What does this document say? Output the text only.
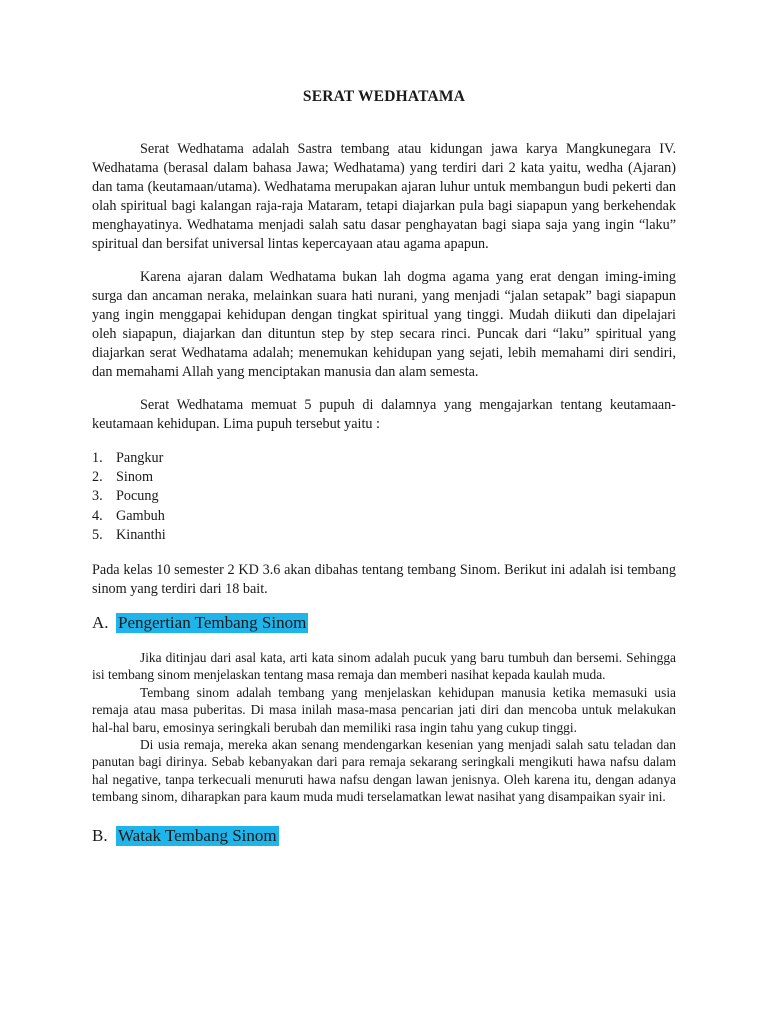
SERAT WEDHATAMA

Serat Wedhatama adalah Sastra tembang atau kidungan jawa karya Mangkunegara IV. Wedhatama (berasal dalam bahasa Jawa; Wedhatama) yang terdiri dari 2 kata yaitu, wedha (Ajaran) dan tama (keutamaan/utama). Wedhatama merupakan ajaran luhur untuk membangun budi pekerti dan olah spiritual bagi kalangan raja-raja Mataram, tetapi diajarkan pula bagi siapapun yang berkehendak menghayatinya. Wedhatama menjadi salah satu dasar penghayatan bagi siapa saja yang ingin “laku” spiritual dan bersifat universal lintas kepercayaan atau agama apapun.

Karena ajaran dalam Wedhatama bukan lah dogma agama yang erat dengan iming-iming surga dan ancaman neraka, melainkan suara hati nurani, yang menjadi “jalan setapak” bagi siapapun yang ingin menggapai kehidupan dengan tingkat spiritual yang tinggi. Mudah diikuti dan dipelajari oleh siapapun, diajarkan dan dituntun step by step secara rinci. Puncak dari “laku” spiritual yang diajarkan serat Wedhatama adalah; menemukan kehidupan yang sejati, lebih memahami diri sendiri, dan memahami Allah yang menciptakan manusia dan alam semesta.

Serat Wedhatama memuat 5 pupuh di dalamnya yang mengajarkan tentang keutamaan-keutamaan kehidupan. Lima pupuh tersebut yaitu :

1. Pangkur
2. Sinom
3. Pocung
4. Gambuh
5. Kinanthi

Pada kelas 10 semester 2 KD 3.6 akan dibahas tentang tembang Sinom. Berikut ini adalah isi tembang sinom yang terdiri dari 18 bait.

A. Pengertian Tembang Sinom

Jika ditinjau dari asal kata, arti kata sinom adalah pucuk yang baru tumbuh dan bersemi. Sehingga isi tembang sinom menjelaskan tentang masa remaja dan memberi nasihat kepada kaulah muda.

Tembang sinom adalah tembang yang menjelaskan kehidupan manusia ketika memasuki usia remaja atau masa puberitas. Di masa inilah masa-masa pencarian jati diri dan mencoba untuk melakukan hal-hal baru, emosinya seringkali berubah dan memiliki rasa ingin tahu yang cukup tinggi.

Di usia remaja, mereka akan senang mendengarkan kesenian yang menjadi salah satu teladan dan panutan bagi dirinya. Sebab kebanyakan dari para remaja sekarang seringkali mengikuti hawa nafsu dalam hal negative, tanpa terkecuali menuruti hawa nafsu dengan lawan jenisnya. Oleh karena itu, dengan adanya tembang sinom, diharapkan para kaum muda mudi terselamatkan lewat nasihat yang disampaikan syair ini.

B. Watak Tembang Sinom
